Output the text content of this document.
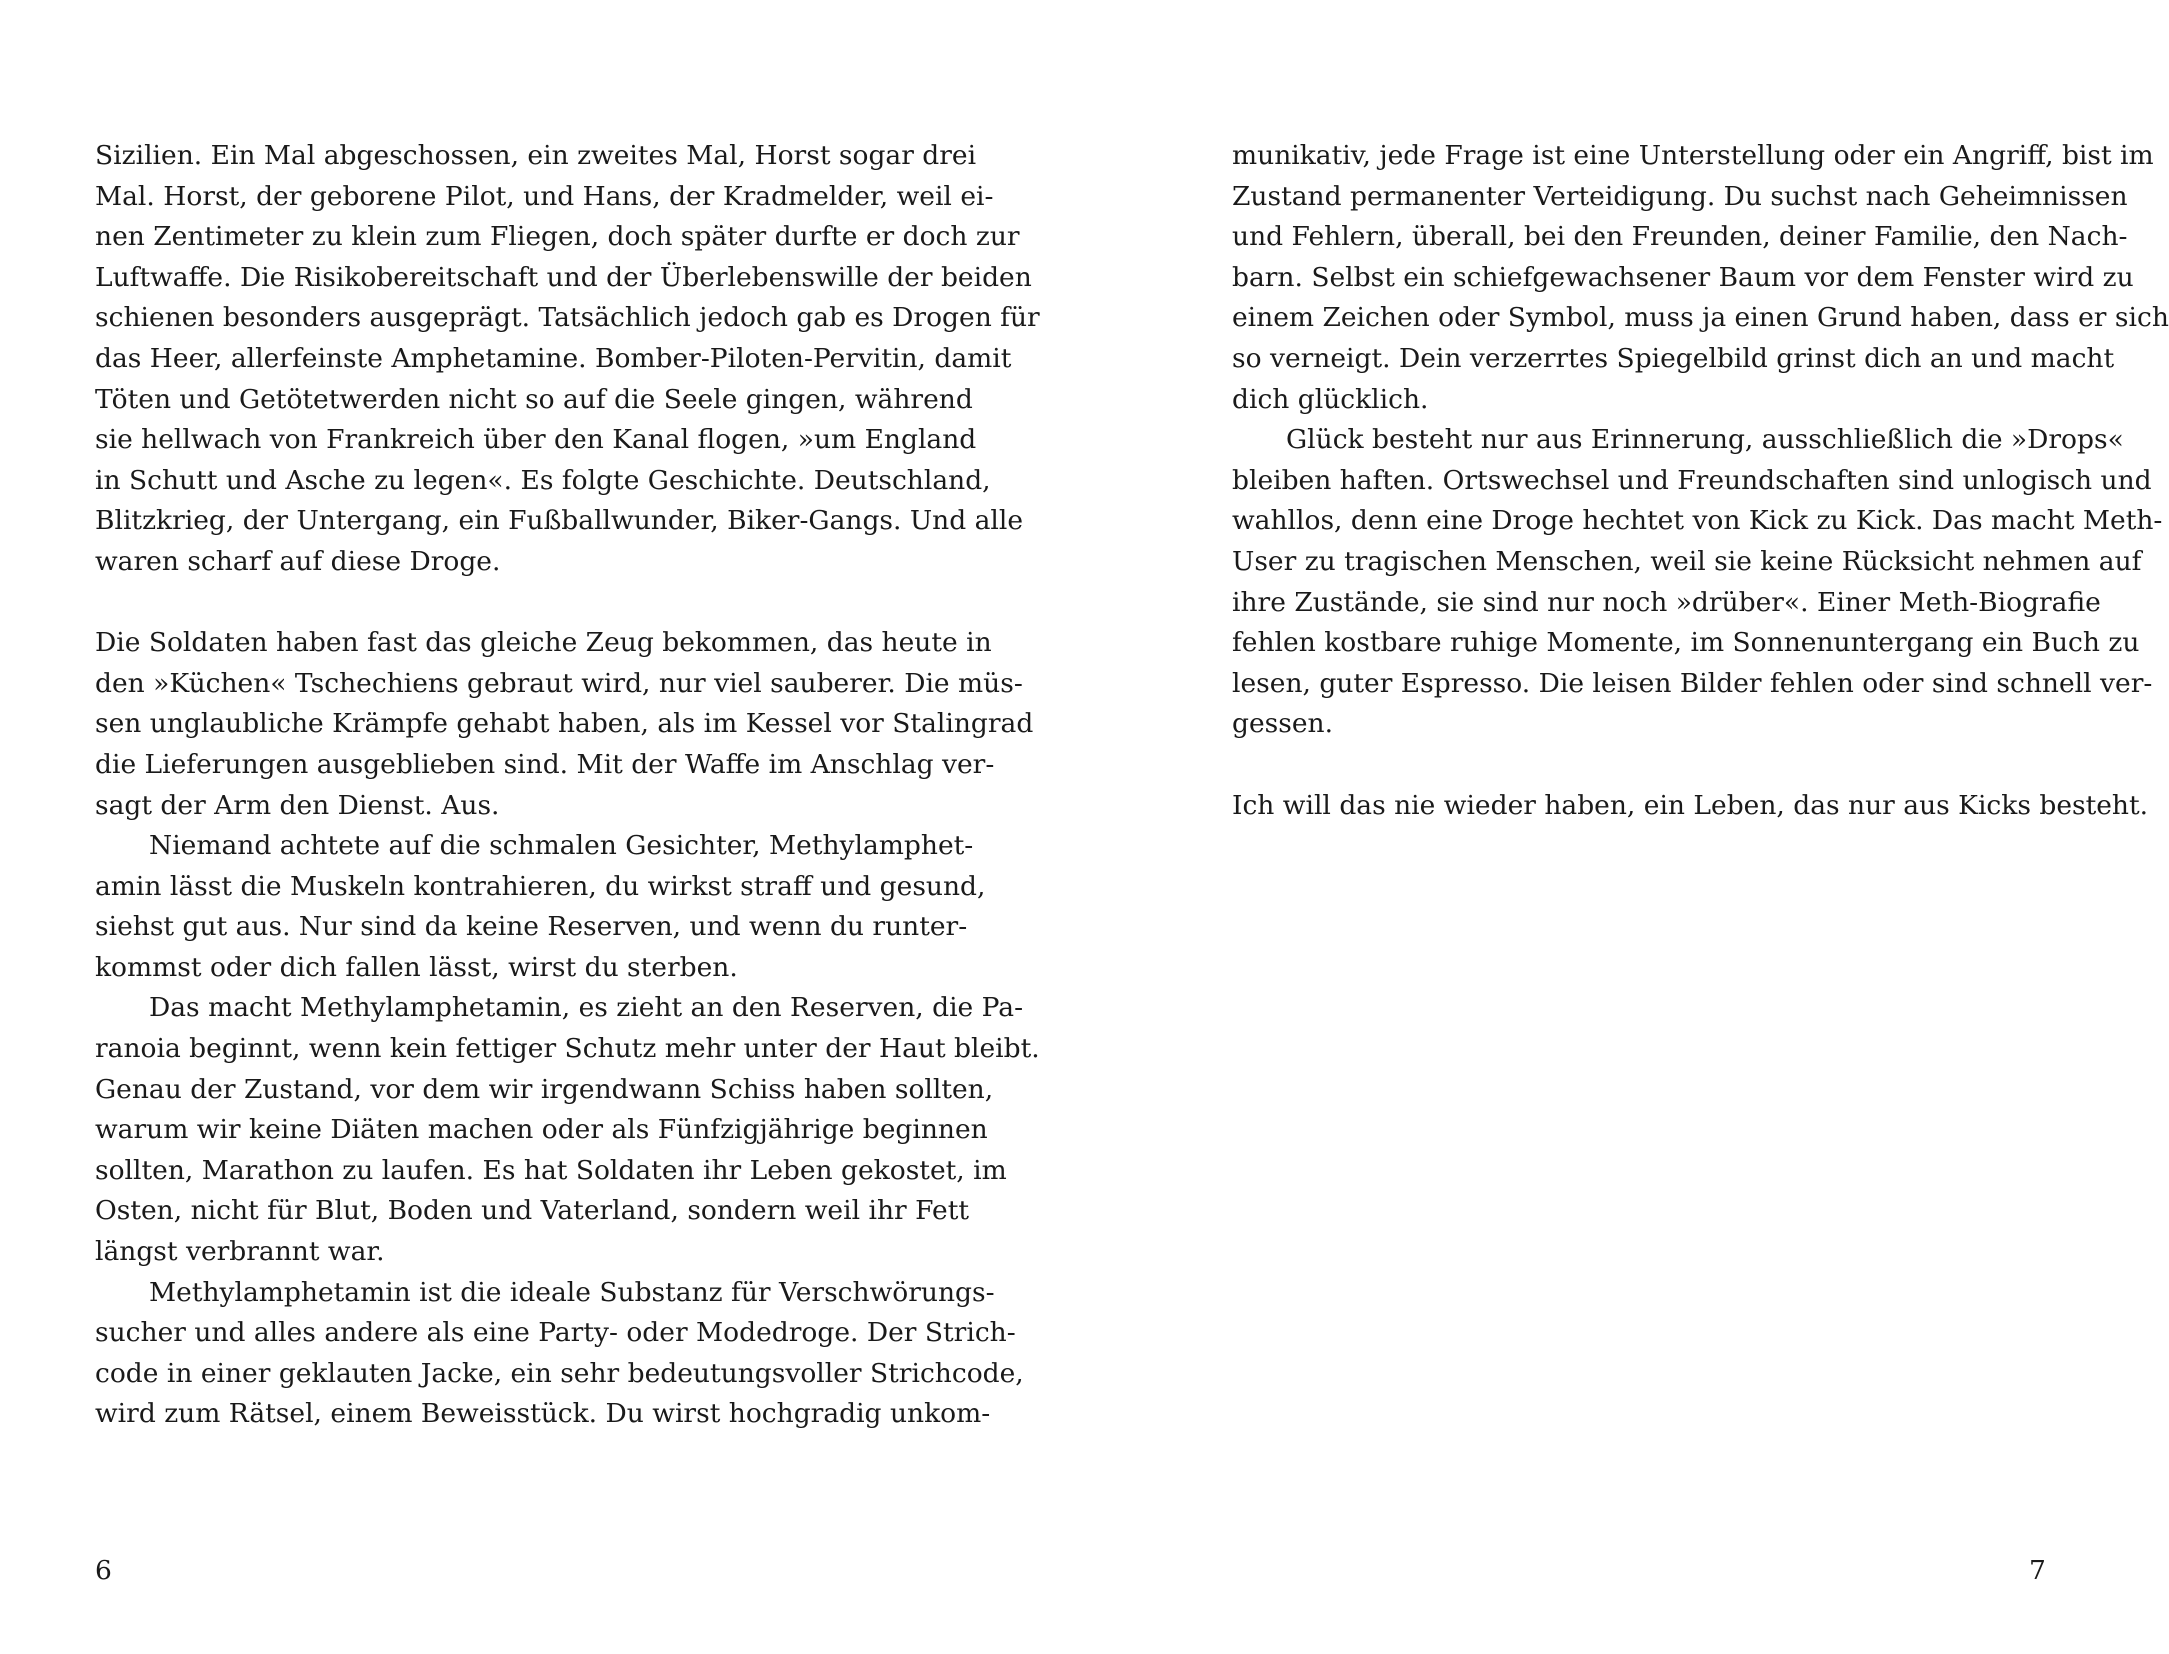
Sizilien. Ein Mal abgeschossen, ein zweites Mal, Horst sogar drei
Mal. Horst, der geborene Pilot, und Hans, der Kradmelder, weil ei-
nen Zentimeter zu klein zum Fliegen, doch später durfte er doch zur
Luftwaffe. Die Risikobereitschaft und der Überlebenswille der beiden
schienen besonders ausgeprägt. Tatsächlich jedoch gab es Drogen für
das Heer, allerfeinste Amphetamine. Bomber-Piloten-Pervitin, damit
Töten und Getötetwerden nicht so auf die Seele gingen, während
sie hellwach von Frankreich über den Kanal flogen, »um England
in Schutt und Asche zu legen«. Es folgte Geschichte. Deutschland,
Blitzkrieg, der Untergang, ein Fußballwunder, Biker-Gangs. Und alle
waren scharf auf diese Droge.
Die Soldaten haben fast das gleiche Zeug bekommen, das heute in
den »Küchen« Tschechiens gebraut wird, nur viel sauberer. Die müs-
sen unglaubliche Krämpfe gehabt haben, als im Kessel vor Stalingrad
die Lieferungen ausgeblieben sind. Mit der Waffe im Anschlag ver-
sagt der Arm den Dienst. Aus.
Niemand achtete auf die schmalen Gesichter, Methylamphet-
amin lässt die Muskeln kontrahieren, du wirkst straff und gesund,
siehst gut aus. Nur sind da keine Reserven, und wenn du runter-
kommst oder dich fallen lässt, wirst du sterben.
Das macht Methylamphetamin, es zieht an den Reserven, die Pa-
ranoia beginnt, wenn kein fettiger Schutz mehr unter der Haut bleibt.
Genau der Zustand, vor dem wir irgendwann Schiss haben sollten,
warum wir keine Diäten machen oder als Fünfzigjährige beginnen
sollten, Marathon zu laufen. Es hat Soldaten ihr Leben gekostet, im
Osten, nicht für Blut, Boden und Vaterland, sondern weil ihr Fett
längst verbrannt war.
Methylamphetamin ist die ideale Substanz für Verschwörungs-
sucher und alles andere als eine Party- oder Modedroge. Der Strich-
code in einer geklauten Jacke, ein sehr bedeutungsvoller Strichcode,
wird zum Rätsel, einem Beweisstück. Du wirst hochgradig unkom-
6
munikativ, jede Frage ist eine Unterstellung oder ein Angriff, bist im
Zustand permanenter Verteidigung. Du suchst nach Geheimnissen
und Fehlern, überall, bei den Freunden, deiner Familie, den Nach-
barn. Selbst ein schiefgewachsener Baum vor dem Fenster wird zu
einem Zeichen oder Symbol, muss ja einen Grund haben, dass er sich
so verneigt. Dein verzerrtes Spiegelbild grinst dich an und macht
dich glücklich.
Glück besteht nur aus Erinnerung, ausschließlich die »Drops«
bleiben haften. Ortswechsel und Freundschaften sind unlogisch und
wahllos, denn eine Droge hechtet von Kick zu Kick. Das macht Meth-
User zu tragischen Menschen, weil sie keine Rücksicht nehmen auf
ihre Zustände, sie sind nur noch »drüber«. Einer Meth-Biografie
fehlen kostbare ruhige Momente, im Sonnenuntergang ein Buch zu
lesen, guter Espresso. Die leisen Bilder fehlen oder sind schnell ver-
gessen.
Ich will das nie wieder haben, ein Leben, das nur aus Kicks besteht.
7
